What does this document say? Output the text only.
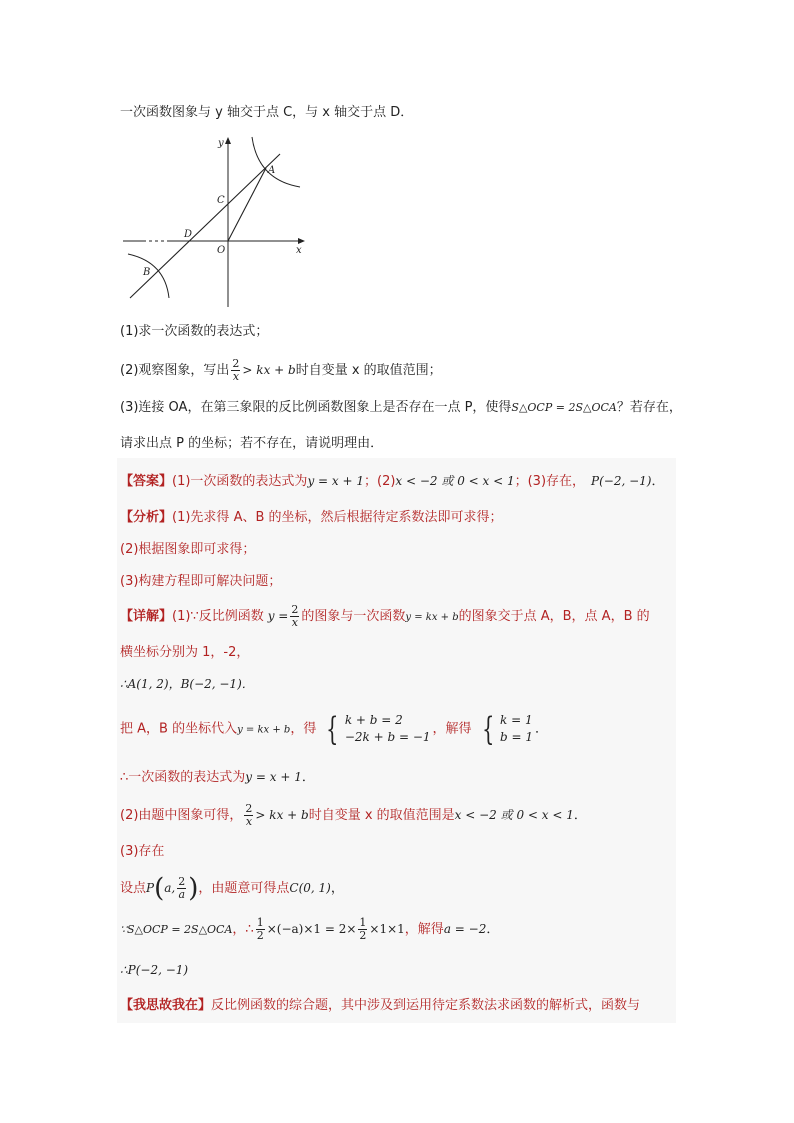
一次函数图象与 y 轴交于点 C，与 x 轴交于点 D．
y
x
A
C
D
O
B
(1)求一次函数的表达式；
(2)观察图象，写出 $\frac{2}{x}$ > kx + b时自变量 x 的取值范围；
(3)连接 OA，在第三象限的反比例函数图象上是否存在一点 P，使得S△OCP = 2S△OCA？若存在，
请求出点 P 的坐标；若不存在，请说明理由．
【答案】(1)一次函数的表达式为y = x + 1；(2)x < −2 或 0 < x < 1；(3)存在， P(−2, −1)．
【分析】(1)先求得 A、B 的坐标，然后根据待定系数法即可求得；
(2)根据图象即可求得；
(3)构建方程即可解决问题；
【详解】(1)∵反比例函数 $y = \frac{2}{x}$ 的图象与一次函数y = kx + b的图象交于点 A，B，点 A，B 的
横坐标分别为 1，-2，
∴A(1, 2)，B(−2, −1)．
把 A，B 的坐标代入y = kx + b，得 { k + b = 2
−2k + b = −1
，解得 { k = 1
b = 1
．
∴一次函数的表达式为y = x + 1．
(2)由题中图象可得， $\frac{2}{x}$ > kx + b时自变量 x 的取值范围是x < −2 或 0 < x < 1．
(3)存在
设点P(a, $\frac{2}{a}$ )，由题意可得点C(0, 1)，
∵S△OCP = 2S△OCA，∴ $\frac{1}{2} \times(-a)\times 1 = 2\times \frac{1}{2} \times 1\times 1$，解得a = −2．
∴P(−2, −1)
【我思故我在】反比例函数的综合题，其中涉及到运用待定系数法求函数的解析式，函数与
